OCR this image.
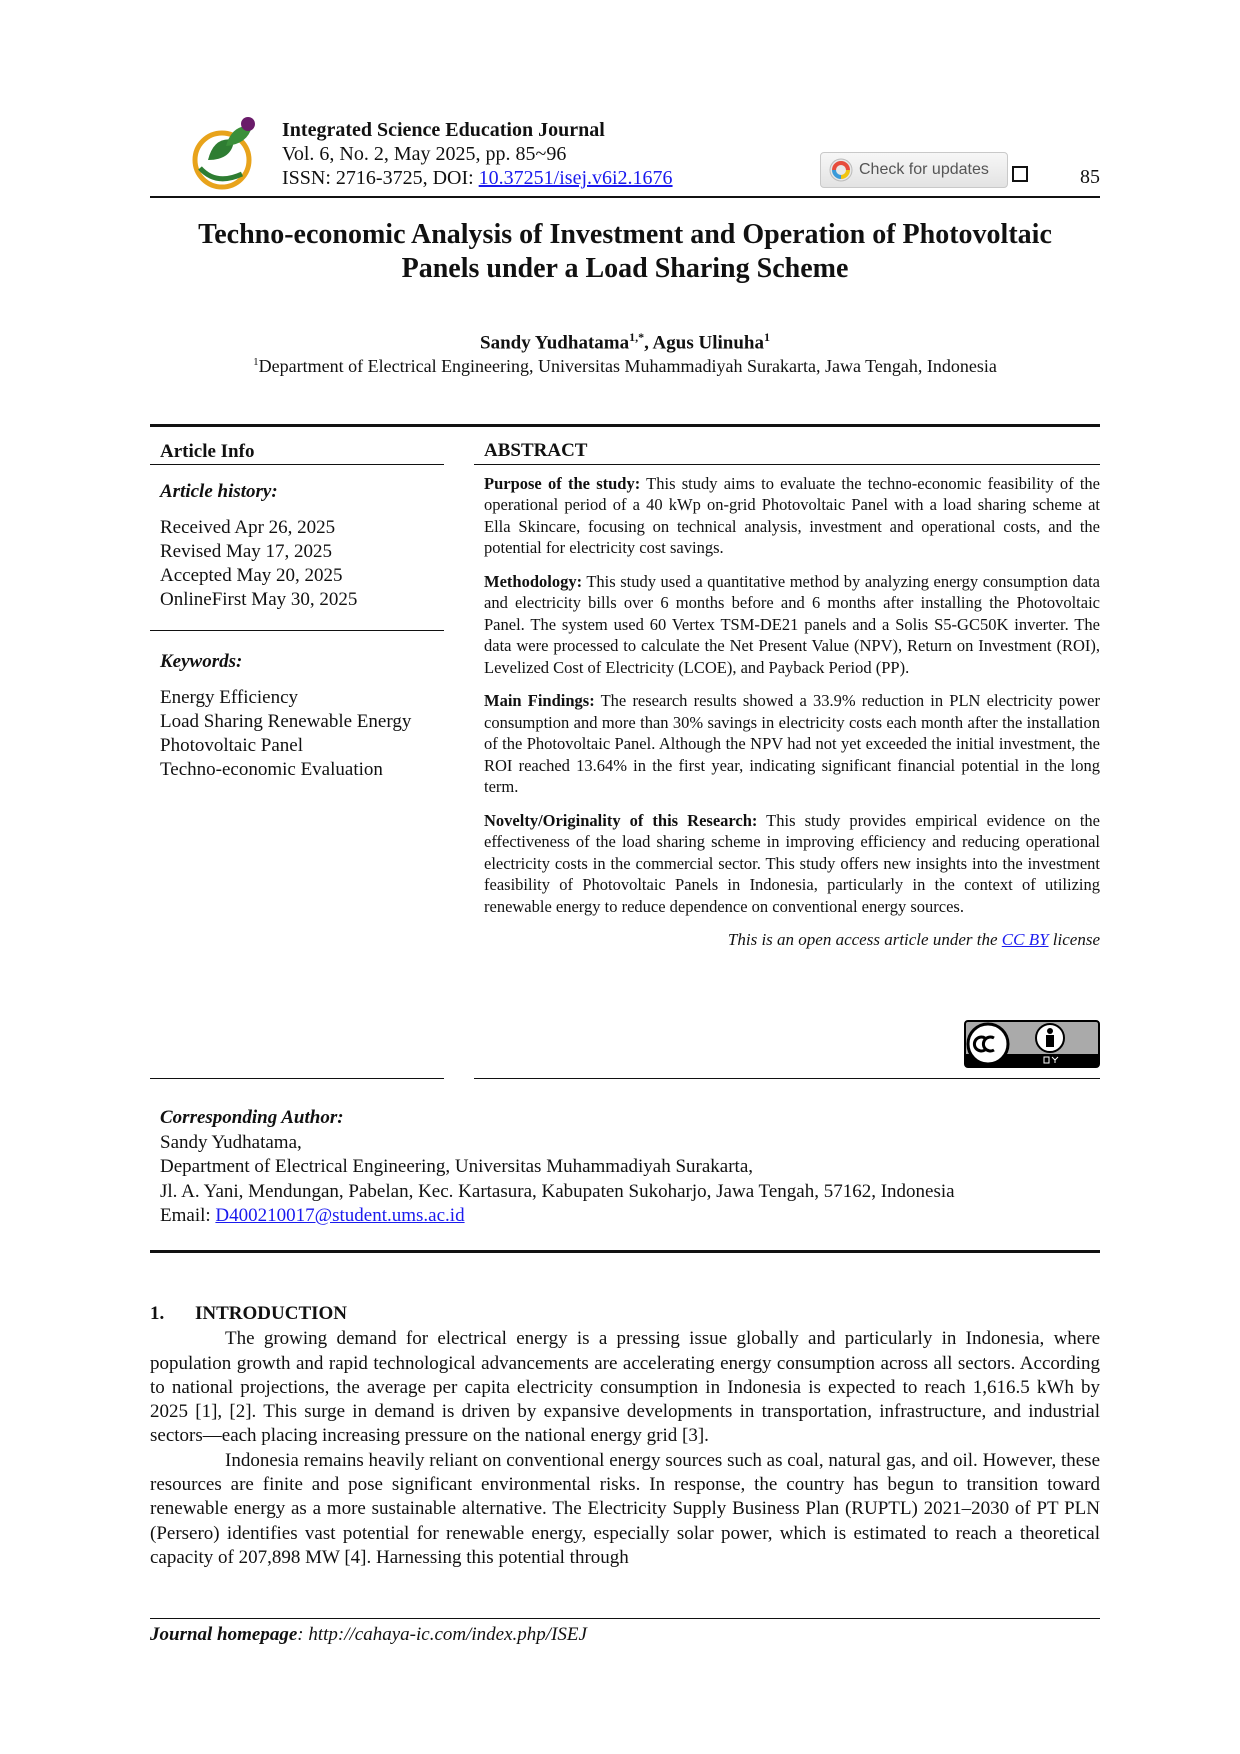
Integrated Science Education Journal
Vol. 6, No. 2, May 2025, pp. 85~96
ISSN: 2716-3725, DOI: 10.37251/isej.v6i2.1676	Check for updates	85
Techno-economic Analysis of Investment and Operation of Photovoltaic
Panels under a Load Sharing Scheme
Sandy Yudhatama$^{1,*}$, Agus Ulinuha$^1$
$^1$Department of Electrical Engineering, Universitas Muhammadiyah Surakarta, Jawa Tengah, Indonesia
Article Info
Article history:
Received Apr 26, 2025
Revised May 17, 2025
Accepted May 20, 2025
OnlineFirst May 30, 2025
Keywords:
Energy Efficiency
Load Sharing Renewable Energy
Photovoltaic Panel
Techno-economic Evaluation
ABSTRACT

Purpose of the study: This study aims to evaluate the techno-economic feasibility of the operational period of a 40 kWp on-grid Photovoltaic Panel with a load sharing scheme at Ella Skincare, focusing on technical analysis, investment and operational costs, and the potential for electricity cost savings.

Methodology: This study used a quantitative method by analyzing energy consumption data and electricity bills over 6 months before and 6 months after installing the Photovoltaic Panel. The system used 60 Vertex TSM-DE21 panels and a Solis S5-GC50K inverter. The data were processed to calculate the Net Present Value (NPV), Return on Investment (ROI), Levelized Cost of Electricity (LCOE), and Payback Period (PP).

Main Findings: The research results showed a 33.9% reduction in PLN electricity power consumption and more than 30% savings in electricity costs each month after the installation of the Photovoltaic Panel. Although the NPV had not yet exceeded the initial investment, the ROI reached 13.64% in the first year, indicating significant financial potential in the long term.

Novelty/Originality of this Research: This study provides empirical evidence on the effectiveness of the load sharing scheme in improving efficiency and reducing operational electricity costs in the commercial sector. This study offers new insights into the investment feasibility of Photovoltaic Panels in Indonesia, particularly in the context of utilizing renewable energy to reduce dependence on conventional energy sources.

This is an open access article under the CC BY license
Corresponding Author:
Sandy Yudhatama,
Department of Electrical Engineering, Universitas Muhammadiyah Surakarta,
Jl. A. Yani, Mendungan, Pabelan, Kec. Kartasura, Kabupaten Sukoharjo, Jawa Tengah, 57162, Indonesia
Email: D400210017@student.ums.ac.id
1. INTRODUCTION

The growing demand for electrical energy is a pressing issue globally and particularly in Indonesia, where population growth and rapid technological advancements are accelerating energy consumption across all sectors. According to national projections, the average per capita electricity consumption in Indonesia is expected to reach 1,616.5 kWh by 2025 [1], [2]. This surge in demand is driven by expansive developments in transportation, infrastructure, and industrial sectors—each placing increasing pressure on the national energy grid [3].

Indonesia remains heavily reliant on conventional energy sources such as coal, natural gas, and oil. However, these resources are finite and pose significant environmental risks. In response, the country has begun to transition toward renewable energy as a more sustainable alternative. The Electricity Supply Business Plan (RUPTL) 2021–2030 of PT PLN (Persero) identifies vast potential for renewable energy, especially solar power, which is estimated to reach a theoretical capacity of 207,898 MW [4]. Harnessing this potential through

Journal homepage: http://cahaya-ic.com/index.php/ISEJ
